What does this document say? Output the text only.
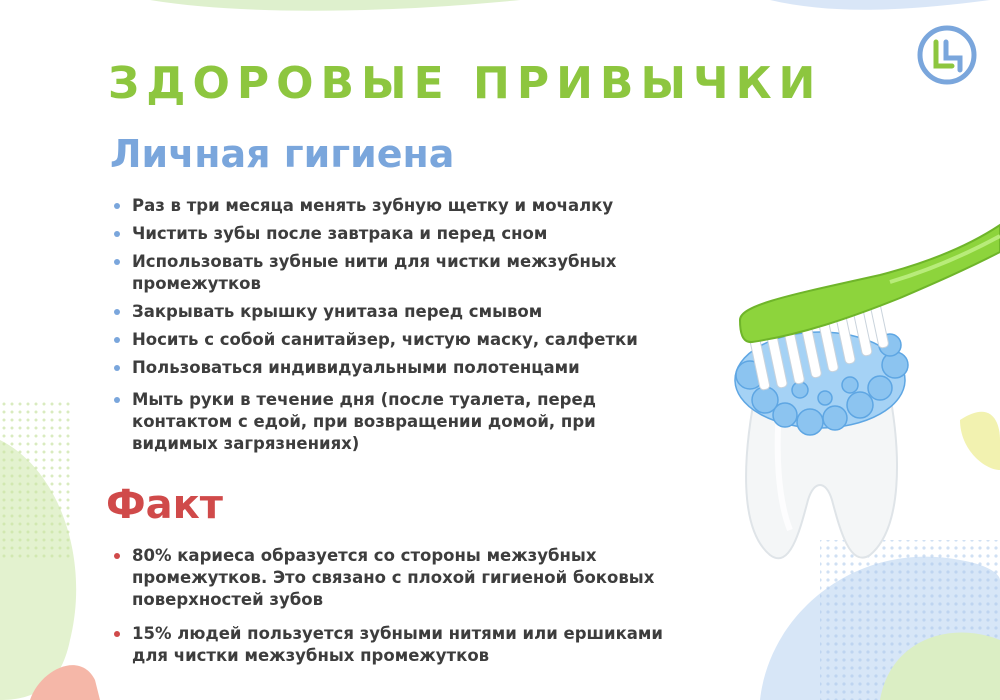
ЗДОРОВЫЕ ПРИВЫЧКИ
Личная гигиена
Раз в три месяца менять зубную щетку и мочалку
Чистить зубы после завтрака и перед сном
Использовать зубные нити для чистки межзубных промежутков
Закрывать крышку унитаза перед смывом
Носить с собой санитайзер, чистую маску, салфетки
Пользоваться индивидуальными полотенцами
Мыть руки в течение дня (после туалета, перед контактом с едой, при возвращении домой, при видимых загрязнениях)
Факт
80% кариеса образуется со стороны межзубных промежутков. Это связано с плохой гигиеной боковых поверхностей зубов
15% людей пользуется зубными нитями или ершиками для чистки межзубных промежутков
